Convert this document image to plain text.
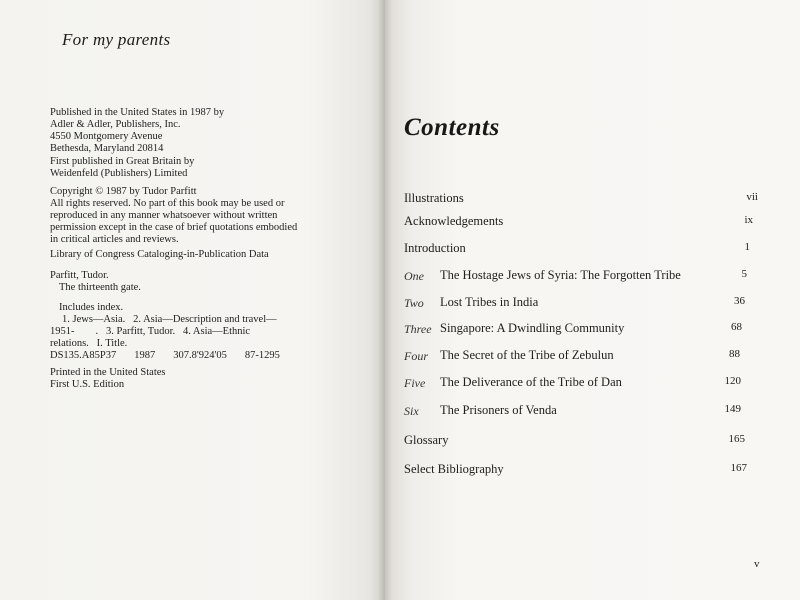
For my parents
Published in the United States in 1987 by
Adler & Adler, Publishers, Inc.
4550 Montgomery Avenue
Bethesda, Maryland 20814
First published in Great Britain by
Weidenfeld (Publishers) Limited
Copyright © 1987 by Tudor Parfitt
All rights reserved. No part of this book may be used or
reproduced in any manner whatsoever without written
permission except in the case of brief quotations embodied
in critical articles and reviews.
Library of Congress Cataloging-in-Publication Data
Parfitt, Tudor.
The thirteenth gate.
Includes index.
1. Jews—Asia.   2. Asia—Description and travel—
1951-        .   3. Parfitt, Tudor.   4. Asia—Ethnic
relations.   I. Title.
DS135.A85P37 1987 307.8'924'05 87-1295
Printed in the United States
First U.S. Edition
Contents
Illustrations	vii
Acknowledgements	ix
Introduction	1
One The Hostage Jews of Syria: The Forgotten Tribe	5
Two Lost Tribes in India	36
Three Singapore: A Dwindling Community	68
Four The Secret of the Tribe of Zebulun	88
Five The Deliverance of the Tribe of Dan	120
Six The Prisoners of Venda	149
Glossary	165
Select Bibliography	167
v
